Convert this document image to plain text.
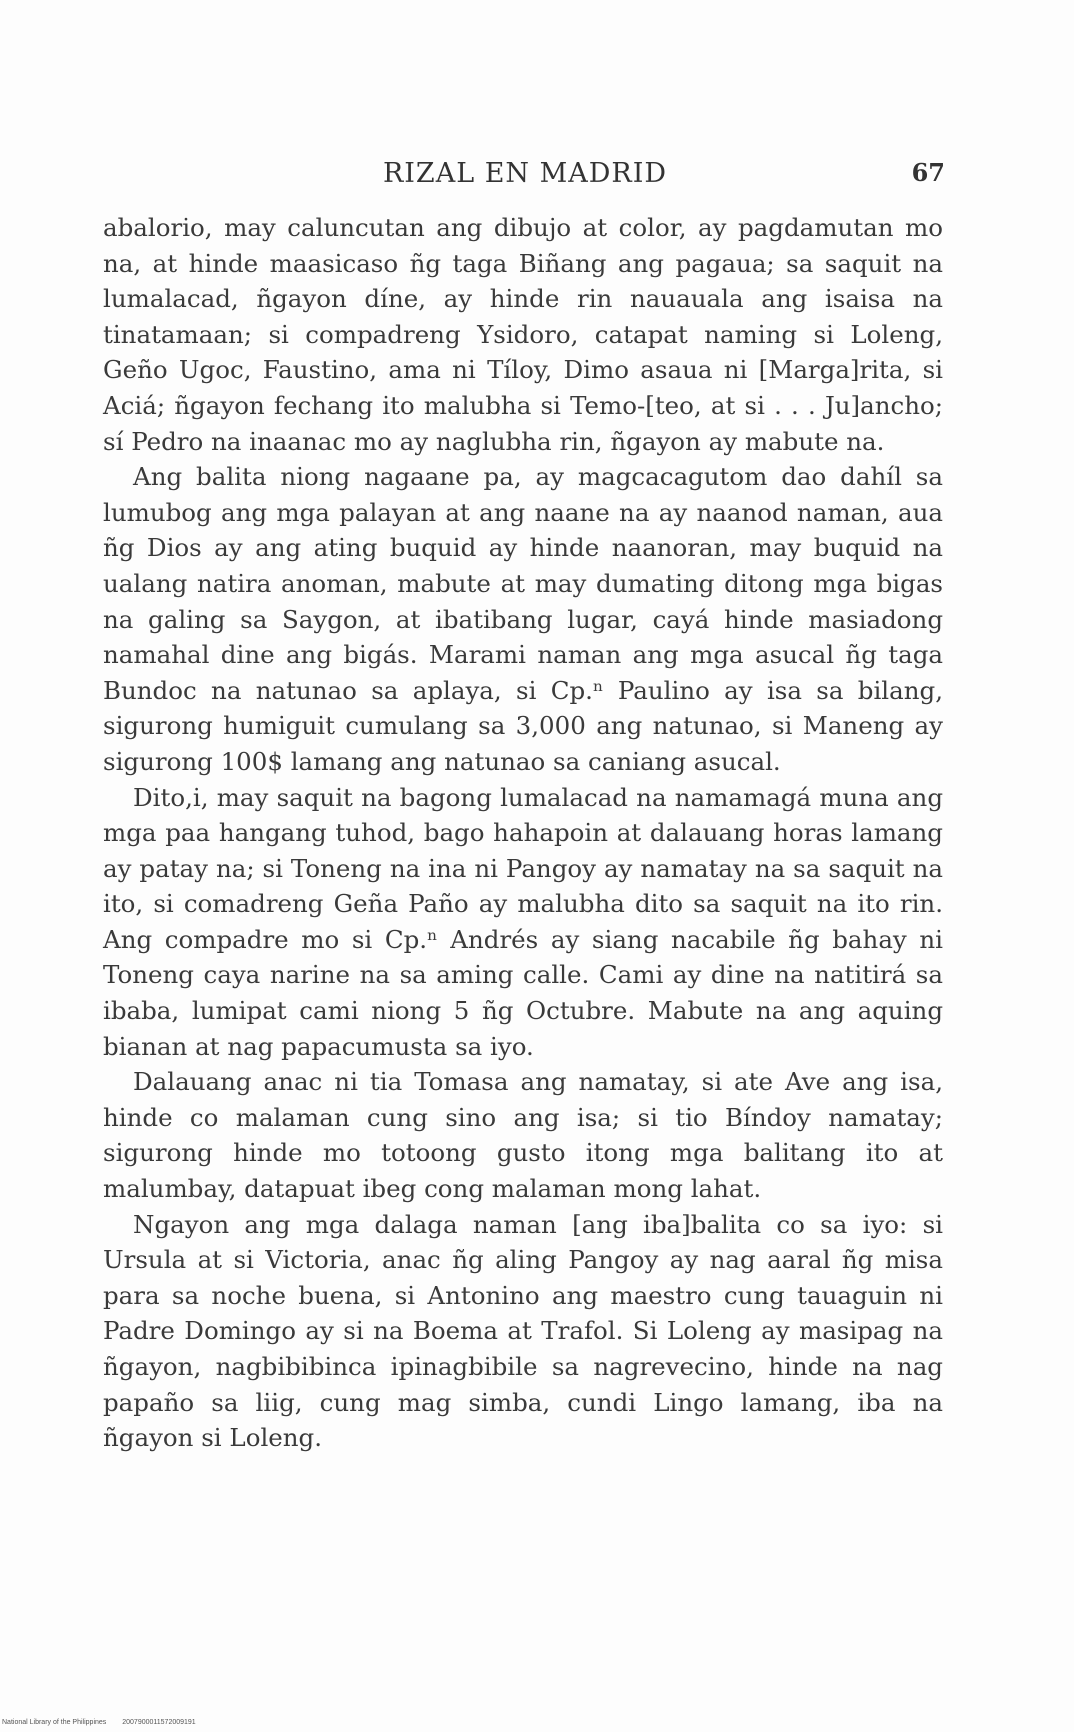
RIZAL EN MADRID	67

abalorio, may caluncutan ang dibujo at color, ay pagdamutan mo na, at hinde maasicaso ñg taga Biñang ang pagaua; sa saquit na lumalacad, ñgayon díne, ay hinde rin nauauala ang isaisa na tinatamaan; si compadreng Ysidoro, catapat naming si Loleng, Geño Ugoc, Faustino, ama ni Tíloy, Dimo asaua ni [Marga]rita, si Aciá; ñgayon fechang ito malubha si Temo-[teo, at si . . . Ju]ancho; sí Pedro na inaanac mo ay naglubha rin, ñgayon ay mabute na.

Ang balita niong nagaane pa, ay magcacagutom dao dahíl sa lumubog ang mga palayan at ang naane na ay naanod naman, aua ñg Dios ay ang ating buquid ay hinde naanoran, may buquid na ualang natira anoman, mabute at may dumating ditong mga bigas na galing sa Saygon, at ibatibang lugar, cayá hinde masiadong namahal dine ang bigás. Marami naman ang mga asucal ñg taga Bundoc na natunao sa aplaya, si Cp.ⁿ Paulino ay isa sa bilang, sigurong humiguit cumulang sa 3,000 ang natunao, si Maneng ay sigurong 100$ lamang ang natunao sa caniang asucal.

Dito,i, may saquit na bagong lumalacad na namamagá muna ang mga paa hangang tuhod, bago hahapoin at dalauang horas lamang ay patay na; si Toneng na ina ni Pangoy ay namatay na sa saquit na ito, si comadreng Geña Paño ay malubha dito sa saquit na ito rin. Ang compadre mo si Cp.ⁿ Andrés ay siang nacabile ñg bahay ni Toneng caya narine na sa aming calle. Cami ay dine na natitirá sa ibaba, lumipat cami niong 5 ñg Octubre. Mabute na ang aquing bianan at nag papacumusta sa iyo.

Dalauang anac ni tia Tomasa ang namatay, si ate Ave ang isa, hinde co malaman cung sino ang isa; si tio Bíndoy namatay; sigurong hinde mo totoong gusto itong mga balitang ito at malumbay, datapuat ibeg cong malaman mong lahat.

Ngayon ang mga dalaga naman [ang iba]balita co sa iyo: si Ursula at si Victoria, anac ñg aling Pangoy ay nag aaral ñg misa para sa noche buena, si Antonino ang maestro cung tauaguin ni Padre Domingo ay si na Boema at Trafol. Si Loleng ay masipag na ñgayon, nagbibibinca ipinagbibile sa nagrevecino, hinde na nag papaño sa liig, cung mag simba, cundi Lingo lamang, iba na ñgayon si Loleng.

National Library of the Philippines 2007900011572009191
